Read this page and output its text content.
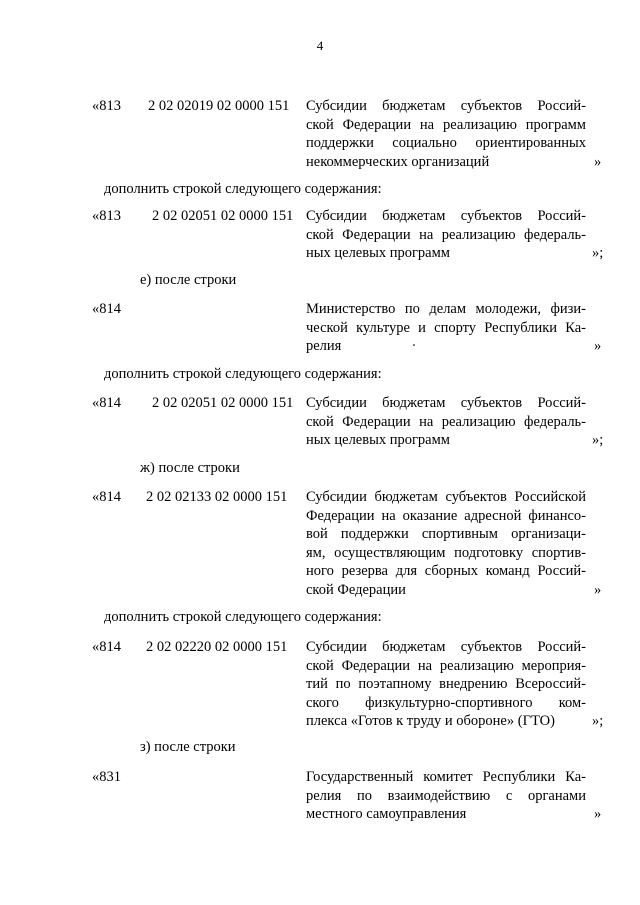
4
«813 2 02 02019 02 0000 151 Субсидии бюджетам субъектов Россий-
ской Федерации на реализацию программ
поддержки социально ориентированных
некоммерческих организаций	»
дополнить строкой следующего содержания:
«813 2 02 02051 02 0000 151 Субсидии бюджетам субъектов Россий-
ской Федерации на реализацию федераль-
ных целевых программ	»;
е) после строки
«814	Министерство по делам молодежи, физи-
ческой культуре и спорту Республики Ка-
релия	»
дополнить строкой следующего содержания:
«814 2 02 02051 02 0000 151 Субсидии бюджетам субъектов Россий-
ской Федерации на реализацию федераль-
ных целевых программ	»;
ж) после строки
«814 2 02 02133 02 0000 151 Субсидии бюджетам субъектов Российской
Федерации на оказание адресной финансо-
вой поддержки спортивным организаци-
ям, осуществляющим подготовку спортив-
ного резерва для сборных команд Россий-
ской Федерации	»
дополнить строкой следующего содержания:
«814 2 02 02220 02 0000 151 Субсидии бюджетам субъектов Россий-
ской Федерации на реализацию мероприя-
тий по поэтапному внедрению Всероссий-
ского физкультурно-спортивного ком-
плекса «Готов к труду и обороне» (ГТО)	»;
з) после строки
«831	Государственный комитет Республики Ка-
релия по взаимодействию с органами
местного самоуправления	»
